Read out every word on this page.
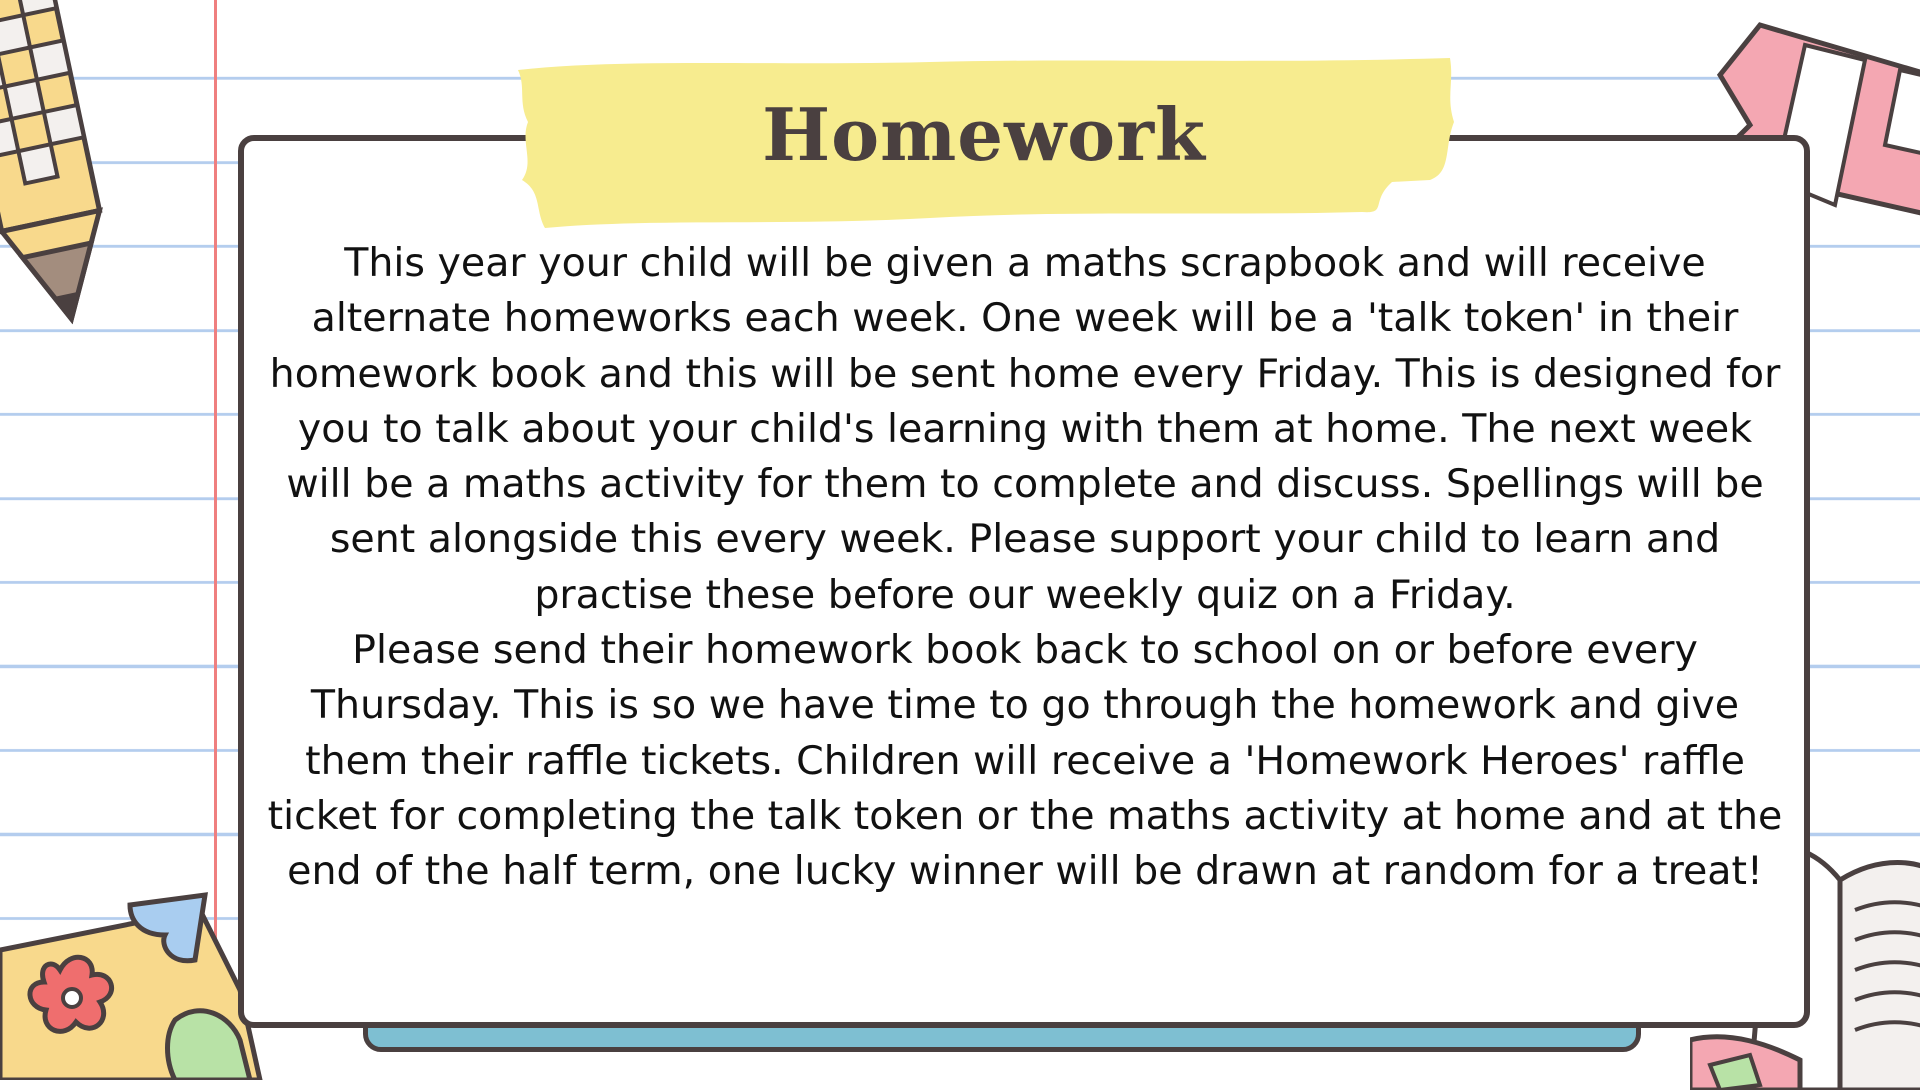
Homework

This year your child will be given a maths scrapbook and will receive alternate homeworks each week. One week will be a 'talk token' in their homework book and this will be sent home every Friday. This is designed for you to talk about your child's learning with them at home. The next week will be a maths activity for them to complete and discuss. Spellings will be sent alongside this every week. Please support your child to learn and practise these before our weekly quiz on a Friday.

Please send their homework book back to school on or before every Thursday. This is so we have time to go through the homework and give them their raffle tickets. Children will receive a 'Homework Heroes' raffle ticket for completing the talk token or the maths activity at home and at the end of the half term, one lucky winner will be drawn at random for a treat!
